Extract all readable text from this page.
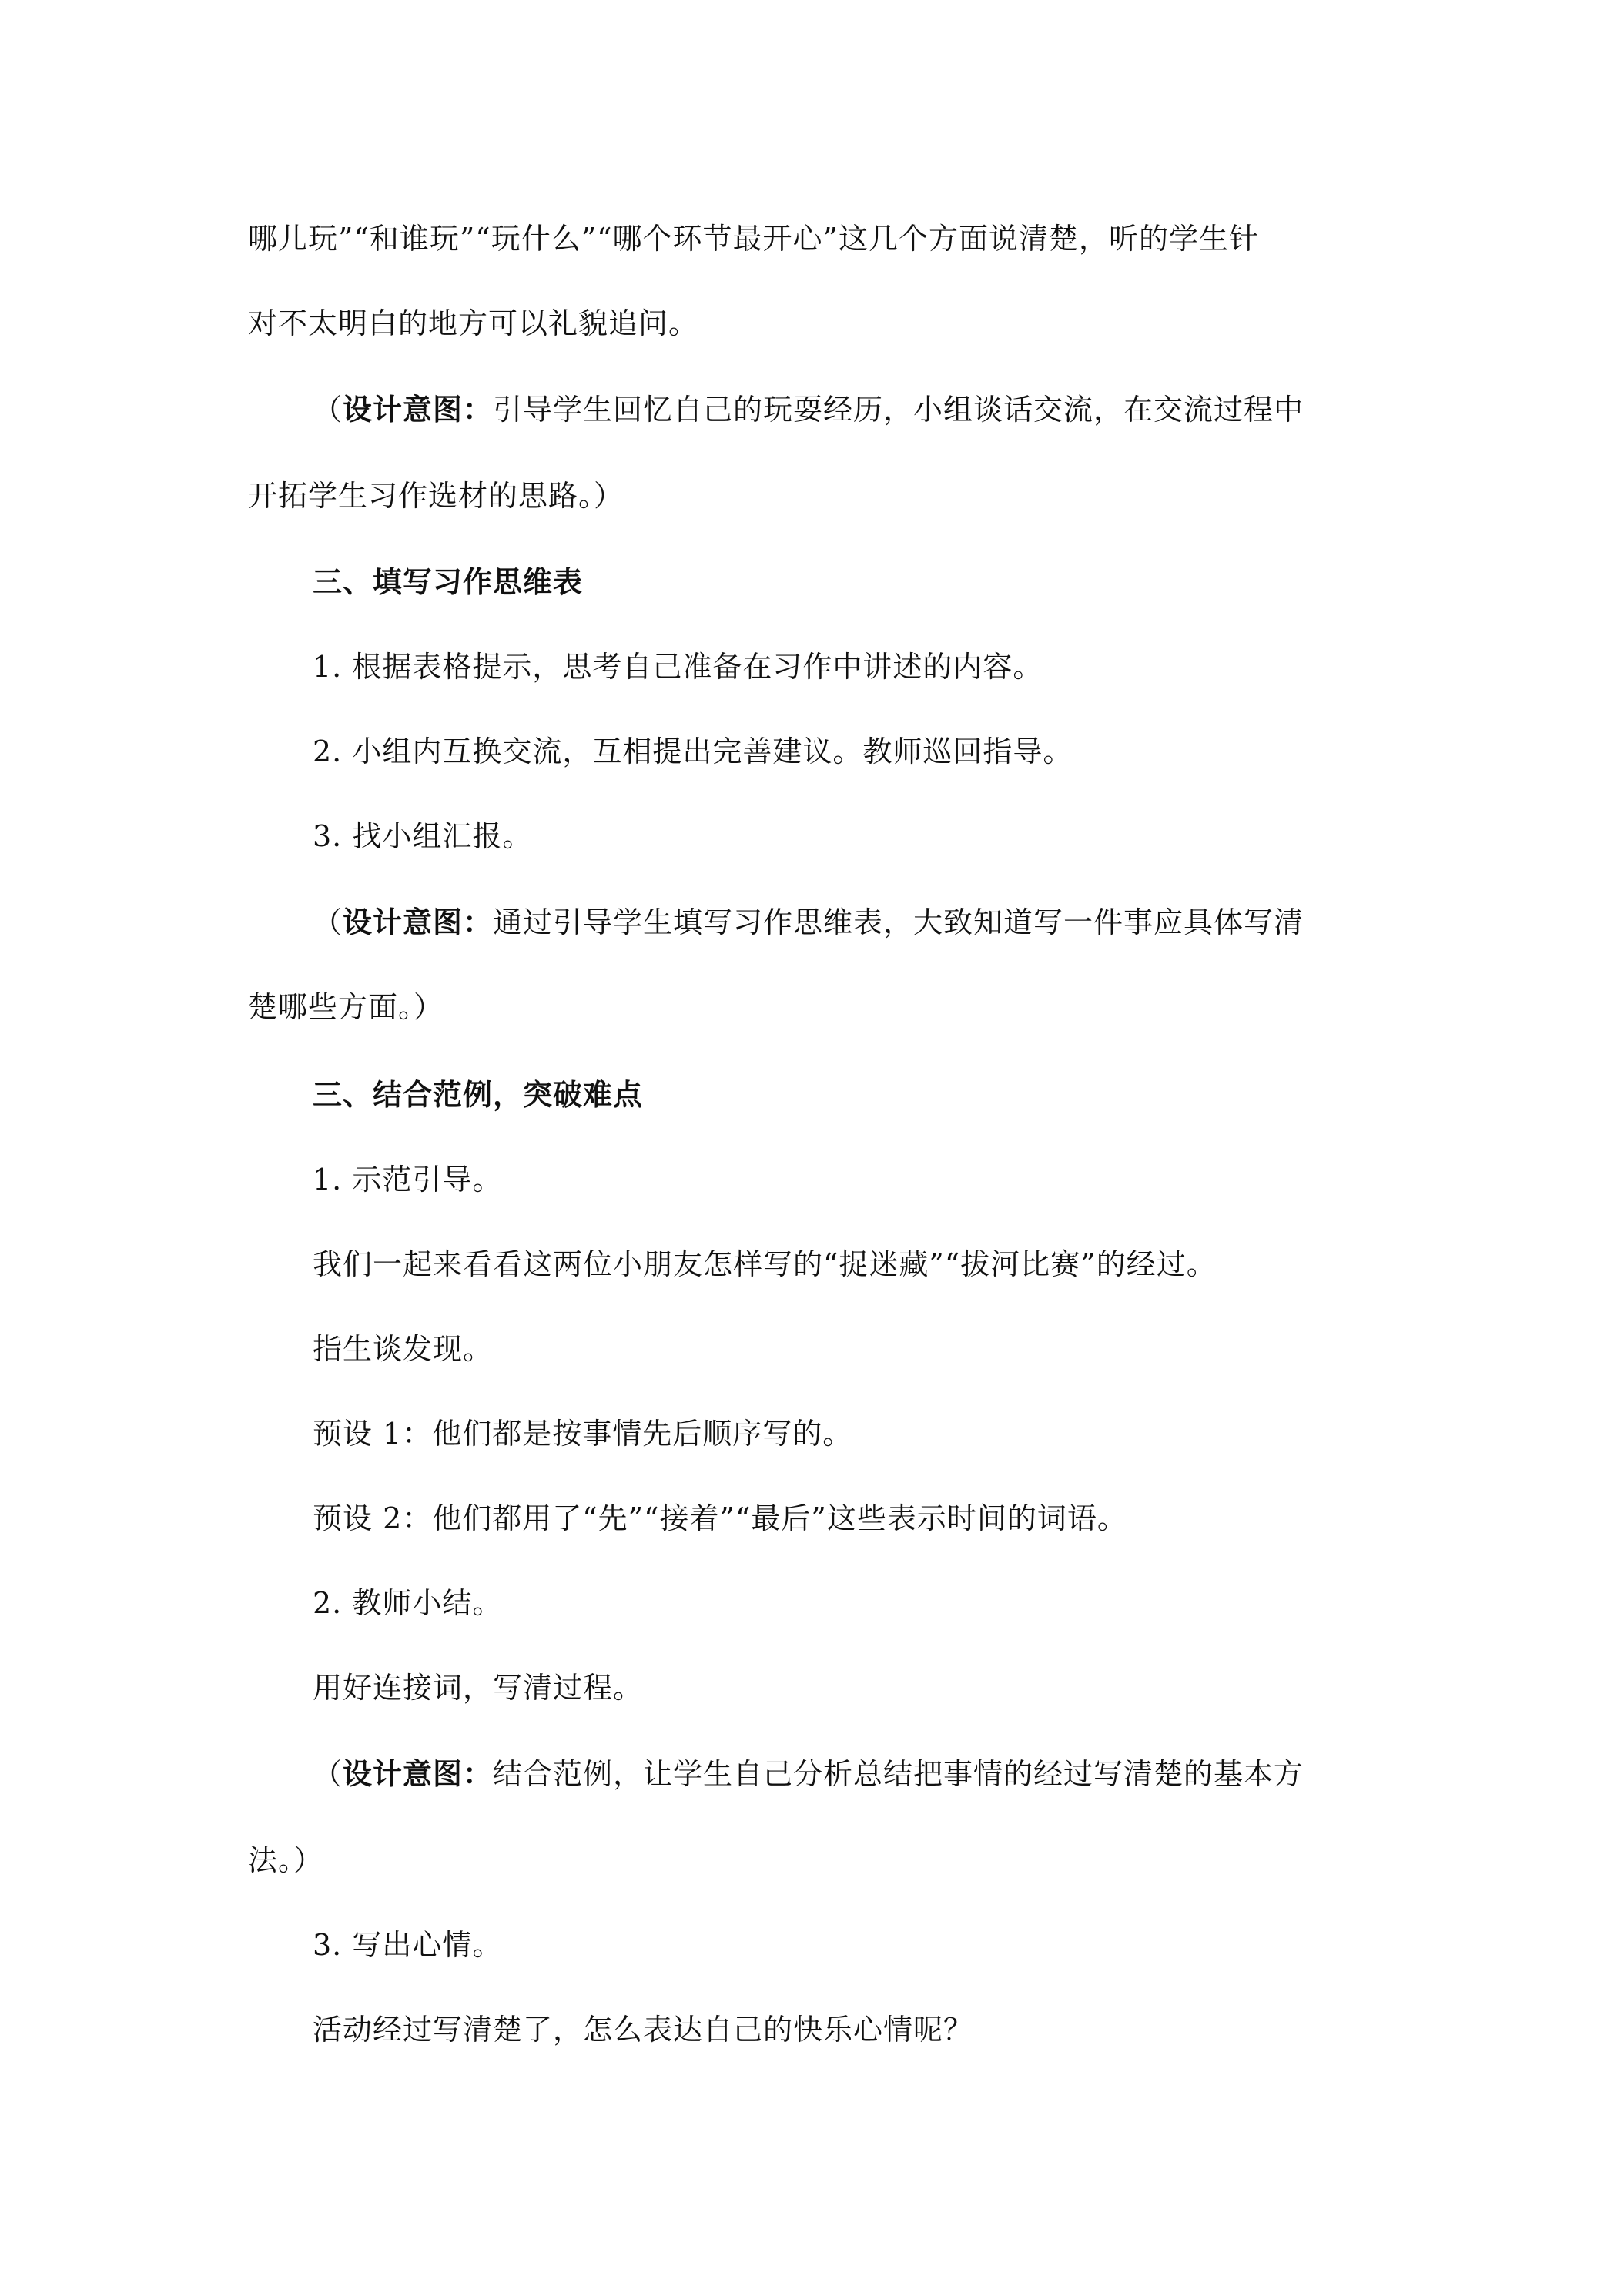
哪儿玩”“和谁玩”“玩什么”“哪个环节最开心”这几个方面说清楚，听的学生针
对不太明白的地方可以礼貌追问。
（设计意图：引导学生回忆自己的玩耍经历，小组谈话交流，在交流过程中
开拓学生习作选材的思路。）
三、填写习作思维表
1. 根据表格提示，思考自己准备在习作中讲述的内容。
2. 小组内互换交流，互相提出完善建议。教师巡回指导。
3. 找小组汇报。
（设计意图：通过引导学生填写习作思维表，大致知道写一件事应具体写清
楚哪些方面。）
三、结合范例，突破难点
1. 示范引导。
我们一起来看看这两位小朋友怎样写的“捉迷藏”“拔河比赛”的经过。
指生谈发现。
预设 1：他们都是按事情先后顺序写的。
预设 2：他们都用了“先”“接着”“最后”这些表示时间的词语。
2. 教师小结。
用好连接词，写清过程。
（设计意图：结合范例，让学生自己分析总结把事情的经过写清楚的基本方
法。）
3. 写出心情。
活动经过写清楚了，怎么表达自己的快乐心情呢？
